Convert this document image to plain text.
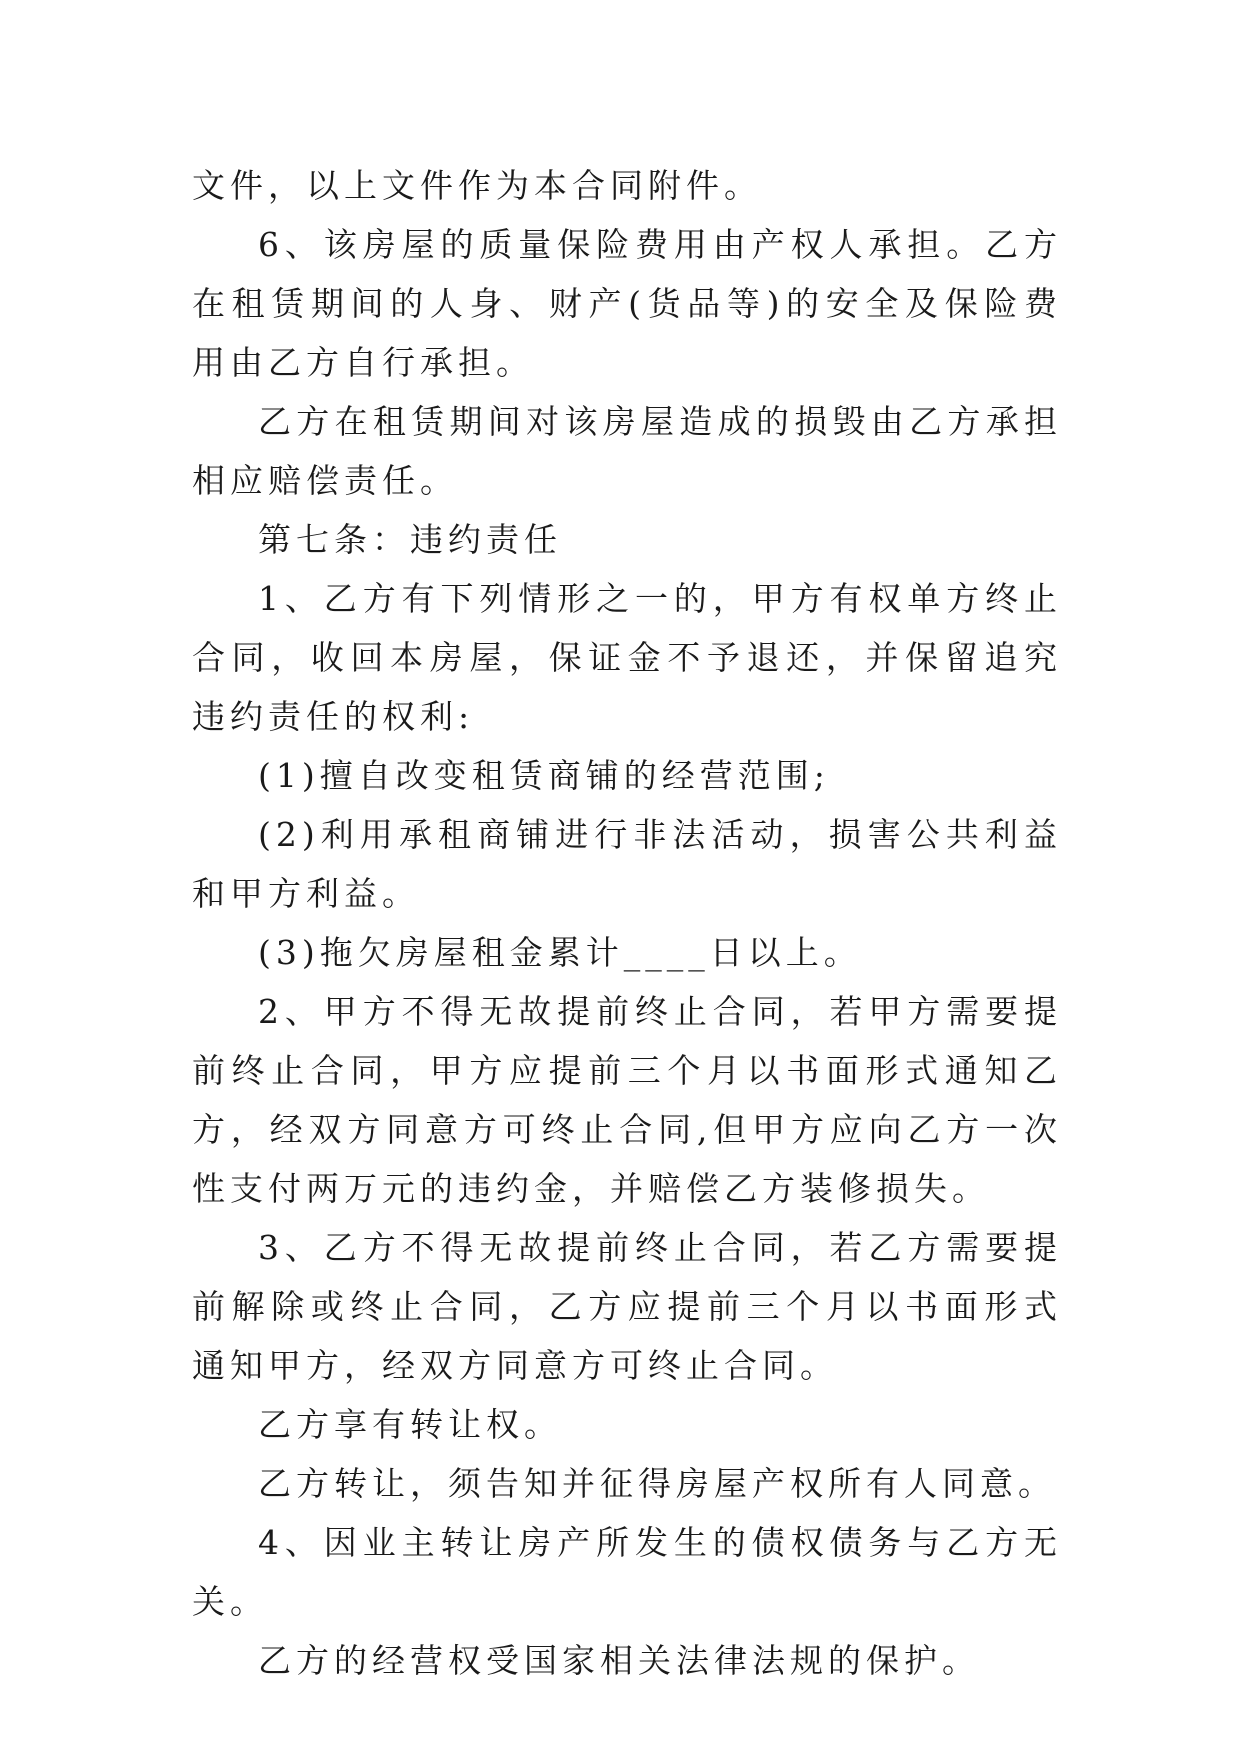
文件，以上文件作为本合同附件。

6、该房屋的质量保险费用由产权人承担。乙方在租赁期间的人身、财产(货品等)的安全及保险费用由乙方自行承担。

乙方在租赁期间对该房屋造成的损毁由乙方承担相应赔偿责任。

第七条：违约责任

1、乙方有下列情形之一的，甲方有权单方终止合同，收回本房屋，保证金不予退还，并保留追究违约责任的权利:

(1)擅自改变租赁商铺的经营范围;

(2)利用承租商铺进行非法活动，损害公共利益和甲方利益。

(3)拖欠房屋租金累计____日以上。

2、甲方不得无故提前终止合同，若甲方需要提前终止合同，甲方应提前三个月以书面形式通知乙方，经双方同意方可终止合同,但甲方应向乙方一次性支付两万元的违约金，并赔偿乙方装修损失。

3、乙方不得无故提前终止合同，若乙方需要提前解除或终止合同，乙方应提前三个月以书面形式通知甲方，经双方同意方可终止合同。

乙方享有转让权。

乙方转让，须告知并征得房屋产权所有人同意。

4、因业主转让房产所发生的债权债务与乙方无关。

乙方的经营权受国家相关法律法规的保护。
